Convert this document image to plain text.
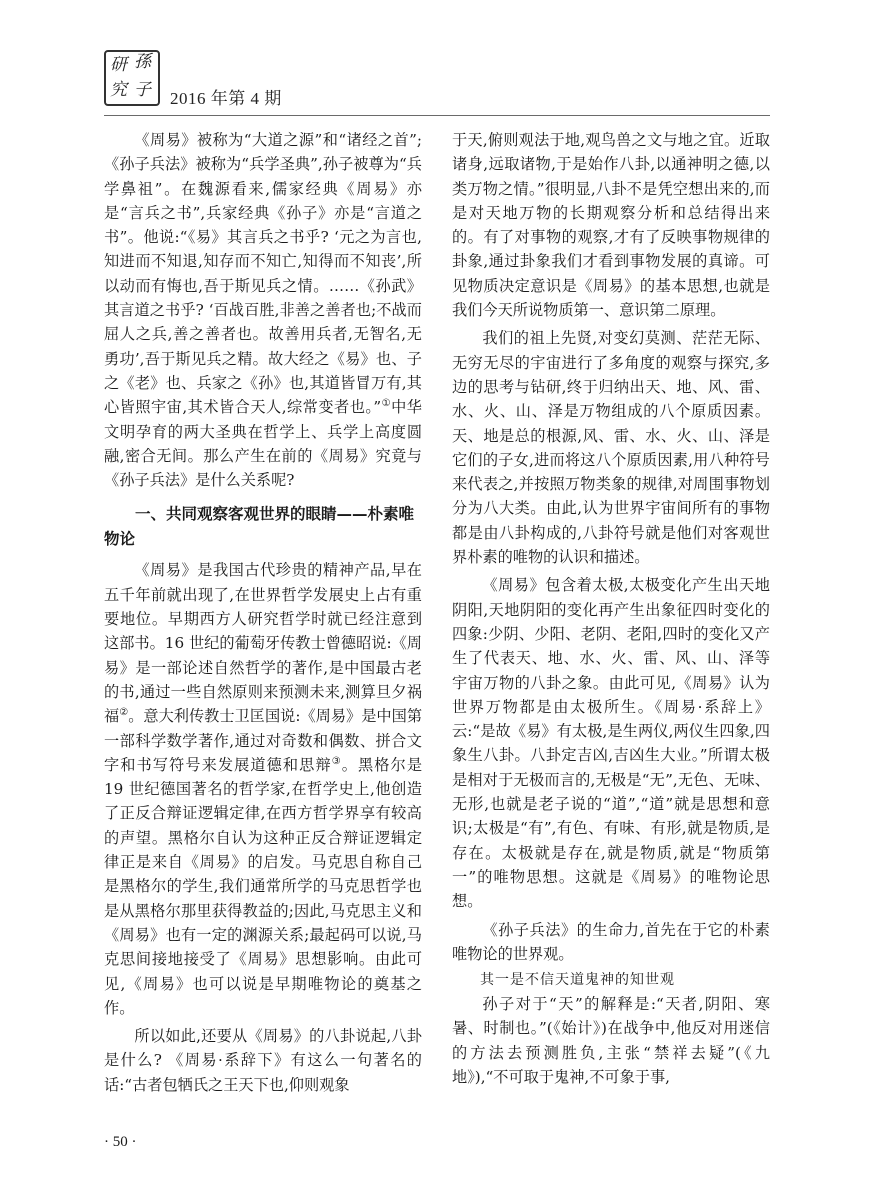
研 孫
究 子 2016 年第 4 期

《周易》被称为“大道之源”和“诸经之首”;《孙子兵法》被称为“兵学圣典”,孙子被尊为“兵学鼻祖”。在魏源看来,儒家经典《周易》亦是“言兵之书”,兵家经典《孙子》亦是“言道之书”。他说:“《易》其言兵之书乎? ‘元之为言也,知进而不知退,知存而不知亡,知得而不知丧’,所以动而有悔也,吾于斯见兵之情。……《孙武》其言道之书乎? ‘百战百胜,非善之善者也;不战而屈人之兵,善之善者也。故善用兵者,无智名,无勇功’,吾于斯见兵之精。故大经之《易》也、子之《老》也、兵家之《孙》也,其道皆冒万有,其心皆照宇宙,其术皆合天人,综常变者也。”①中华文明孕育的两大圣典在哲学上、兵学上高度圆融,密合无间。那么产生在前的《周易》究竟与《孙子兵法》是什么关系呢?

一、共同观察客观世界的眼睛——朴素唯物论

《周易》是我国古代珍贵的精神产品,早在五千年前就出现了,在世界哲学发展史上占有重要地位。早期西方人研究哲学时就已经注意到这部书。16 世纪的葡萄牙传教士曾德昭说:《周易》是一部论述自然哲学的著作,是中国最古老的书,通过一些自然原则来预测未来,测算旦夕祸福②。意大利传教士卫匡国说:《周易》是中国第一部科学数学著作,通过对奇数和偶数、拼合文字和书写符号来发展道德和思辩③。黑格尔是 19 世纪德国著名的哲学家,在哲学史上,他创造了正反合辩证逻辑定律,在西方哲学界享有较高的声望。黑格尔自认为这种正反合辩证逻辑定律正是来自《周易》的启发。马克思自称自己是黑格尔的学生,我们通常所学的马克思哲学也是从黑格尔那里获得教益的;因此,马克思主义和《周易》也有一定的渊源关系;最起码可以说,马克思间接地接受了《周易》思想影响。由此可见,《周易》也可以说是早期唯物论的奠基之作。

所以如此,还要从《周易》的八卦说起,八卦是什么? 《周易·系辞下》有这么一句著名的话:“古者包牺氏之王天下也,仰则观象

于天,俯则观法于地,观鸟兽之文与地之宜。近取诸身,远取诸物,于是始作八卦,以通神明之德,以类万物之情。”很明显,八卦不是凭空想出来的,而是对天地万物的长期观察分析和总结得出来的。有了对事物的观察,才有了反映事物规律的卦象,通过卦象我们才看到事物发展的真谛。可见物质决定意识是《周易》的基本思想,也就是我们今天所说物质第一、意识第二原理。

我们的祖上先贤,对变幻莫测、茫茫无际、无穷无尽的宇宙进行了多角度的观察与探究,多边的思考与钻研,终于归纳出天、地、风、雷、水、火、山、泽是万物组成的八个原质因素。天、地是总的根源,风、雷、水、火、山、泽是它们的子女,进而将这八个原质因素,用八种符号来代表之,并按照万物类象的规律,对周围事物划分为八大类。由此,认为世界宇宙间所有的事物都是由八卦构成的,八卦符号就是他们对客观世界朴素的唯物的认识和描述。

《周易》包含着太极,太极变化产生出天地阴阳,天地阴阳的变化再产生出象征四时变化的四象:少阴、少阳、老阴、老阳,四时的变化又产生了代表天、地、水、火、雷、风、山、泽等宇宙万物的八卦之象。由此可见,《周易》认为世界万物都是由太极所生。《周易·系辞上》云:“是故《易》有太极,是生两仪,两仪生四象,四象生八卦。八卦定吉凶,吉凶生大业。”所谓太极是相对于无极而言的,无极是“无”,无色、无味、无形,也就是老子说的“道”,“道”就是思想和意识;太极是“有”,有色、有味、有形,就是物质,是存在。太极就是存在,就是物质,就是“物质第一”的唯物思想。这就是《周易》的唯物论思想。

《孙子兵法》的生命力,首先在于它的朴素唯物论的世界观。

其一是不信天道鬼神的知世观

孙子对于“天”的解释是:“天者,阴阳、寒暑、时制也。”(《始计》)在战争中,他反对用迷信的方法去预测胜负,主张“禁祥去疑”(《九地》),“不可取于鬼神,不可象于事,

· 50 ·
